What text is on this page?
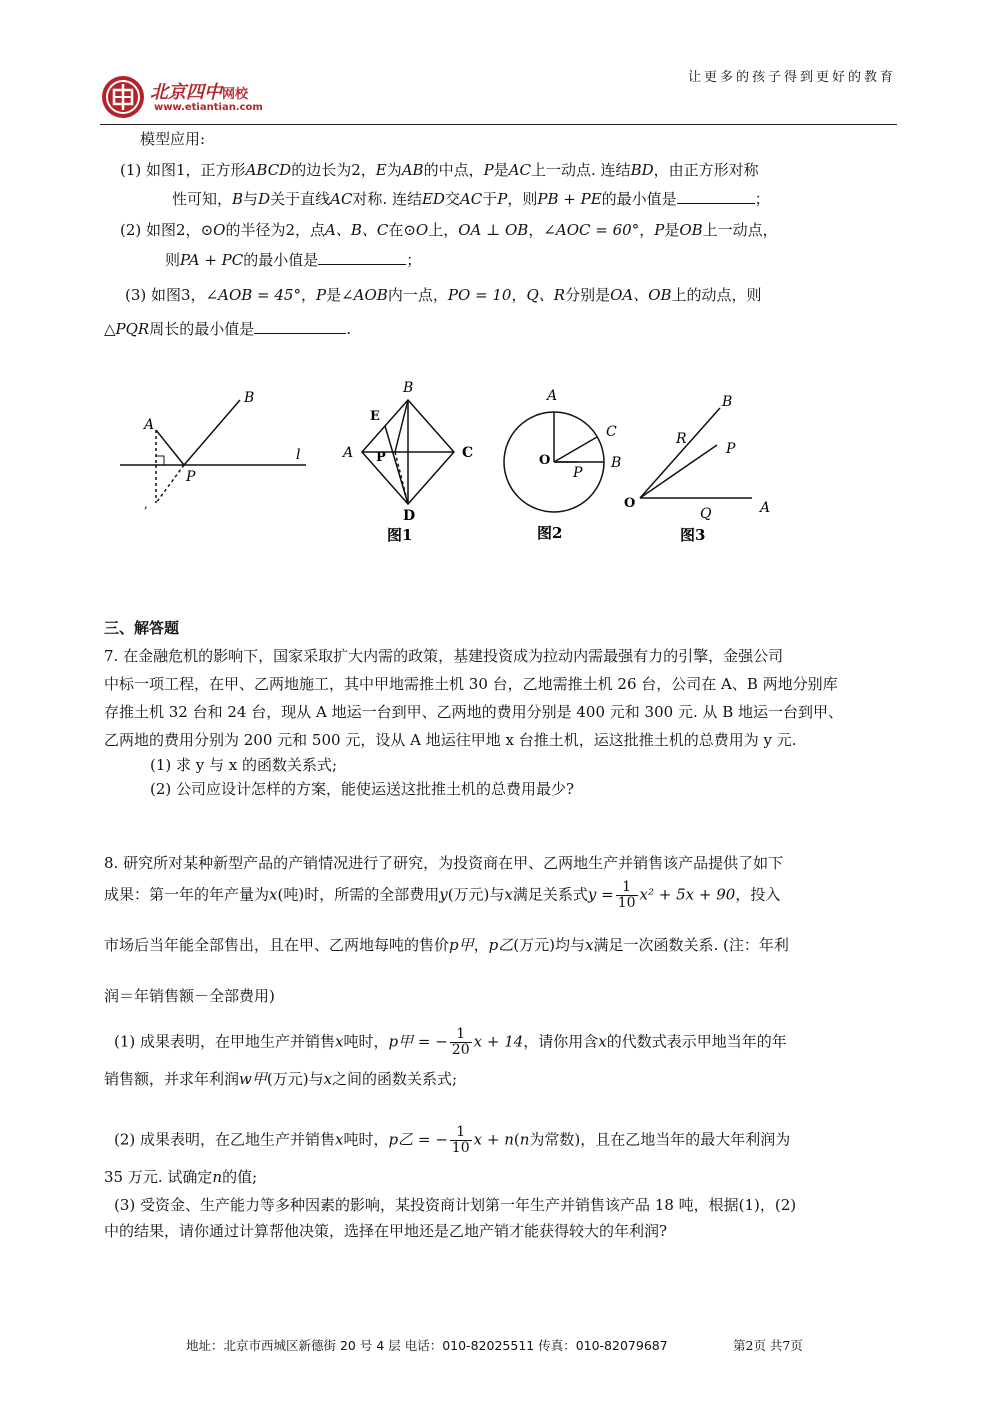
北京四中网校
www.etiantian.com
让更多的孩子得到更好的教育
模型应用:
(1) 如图1，正方形ABCD的边长为2，E为AB的中点，P是AC上一动点. 连结BD，由正方形对称
性可知，B与D关于直线AC对称. 连结ED交AC于P，则PB + PE的最小值是	；
(2) 如图2，⊙O的半径为2，点A、B、C在⊙O上，OA ⊥ OB，∠AOC = 60°，P是OB上一动点，
则PA + PC的最小值是	；
(3) 如图3，∠AOB = 45°，P是∠AOB内一点，PO = 10，Q、R分别是OA、OB上的动点，则
△PQR周长的最小值是	.
A
B
P
l
,
A
B
C
D
E
P
图1
A
B
C
O
P
图2
A
B
O
P
Q
R
图3
三、解答题
7. 在金融危机的影响下，国家采取扩大内需的政策，基建投资成为拉动内需最强有力的引擎，金强公司
中标一项工程，在甲、乙两地施工，其中甲地需推土机 30 台，乙地需推土机 26 台，公司在 A、B 两地分别库
存推土机 32 台和 24 台，现从 A 地运一台到甲、乙两地的费用分别是 400 元和 300 元. 从 B 地运一台到甲、
乙两地的费用分别为 200 元和 500 元，设从 A 地运往甲地 x 台推土机，运这批推土机的总费用为 y 元.
(1) 求 y 与 x 的函数关系式;
(2) 公司应设计怎样的方案，能使运送这批推土机的总费用最少?
8. 研究所对某种新型产品的产销情况进行了研究，为投资商在甲、乙两地生产并销售该产品提供了如下
成果：第一年的年产量为x(吨)时，所需的全部费用y(万元)与x满足关系式$y = \frac{1}{10} x^2 + 5x + 90$，投入
市场后当年能全部售出，且在甲、乙两地每吨的售价p甲，p乙(万元)均与x满足一次函数关系. (注：年利
润＝年销售额－全部费用)
(1) 成果表明，在甲地生产并销售x吨时，p甲 = − $\frac{1}{20}$ x + 14，请你用含x的代数式表示甲地当年的年
销售额，并求年利润w甲(万元)与x之间的函数关系式;
(2) 成果表明，在乙地生产并销售x吨时，p乙 = − $\frac{1}{10}$ x + n(n为常数)，且在乙地当年的最大年利润为
35 万元. 试确定n的值;
(3) 受资金、生产能力等多种因素的影响，某投资商计划第一年生产并销售该产品 18 吨，根据(1)，(2)
中的结果，请你通过计算帮他决策，选择在甲地还是乙地产销才能获得较大的年利润?
地址：北京市西城区新德街 20 号 4 层 电话：010-82025511 传真：010-82079687	第2页 共7页
